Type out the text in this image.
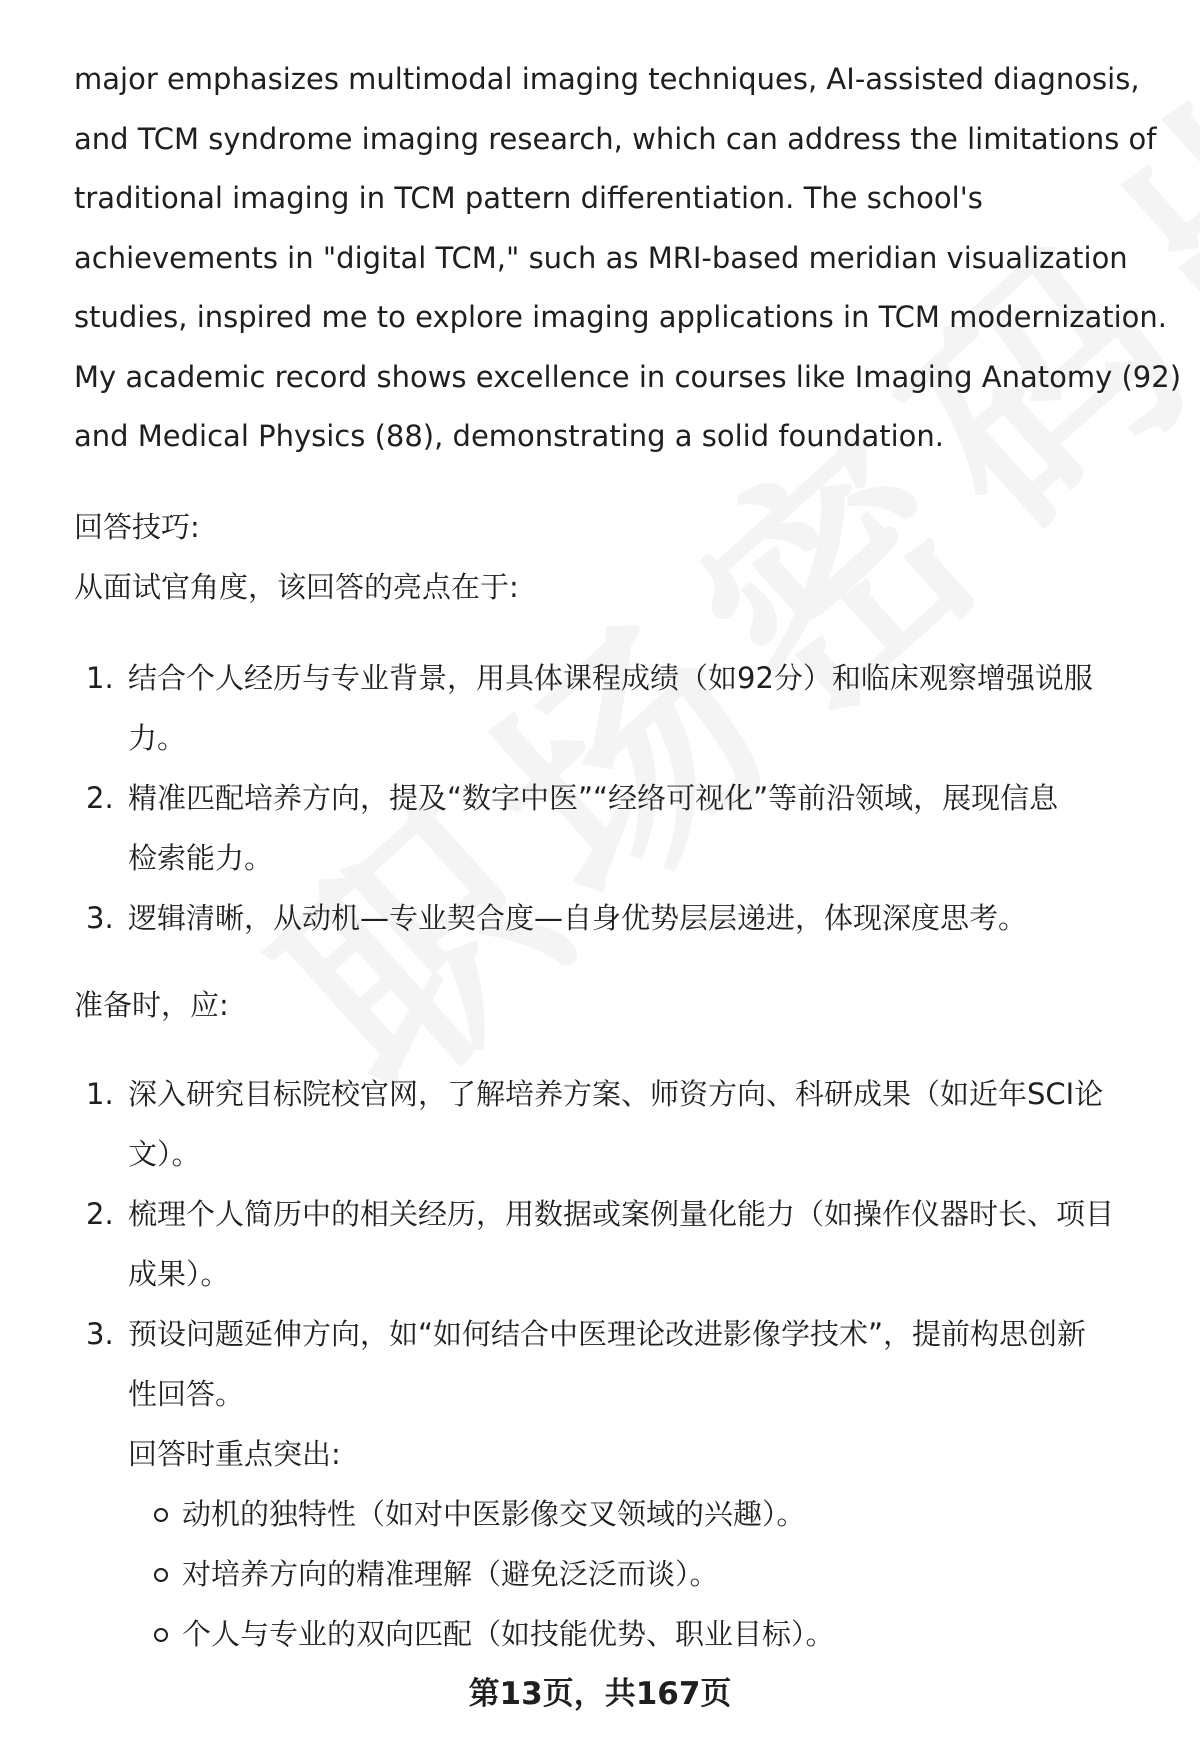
major emphasizes multimodal imaging techniques, AI-assisted diagnosis,
and TCM syndrome imaging research, which can address the limitations of
traditional imaging in TCM pattern differentiation. The school's
achievements in "digital TCM," such as MRI-based meridian visualization
studies, inspired me to explore imaging applications in TCM modernization.
My academic record shows excellence in courses like Imaging Anatomy (92)
and Medical Physics (88), demonstrating a solid foundation.
回答技巧:
从面试官角度，该回答的亮点在于:
1. 结合个人经历与专业背景，用具体课程成绩（如92分）和临床观察增强说服
力。
2. 精准匹配培养方向，提及“数字中医”“经络可视化”等前沿领域，展现信息
检索能力。
3. 逻辑清晰，从动机—专业契合度—自身优势层层递进，体现深度思考。
准备时，应:
1. 深入研究目标院校官网，了解培养方案、师资方向、科研成果（如近年SCI论
文）。
2. 梳理个人简历中的相关经历，用数据或案例量化能力（如操作仪器时长、项目
成果）。
3. 预设问题延伸方向，如“如何结合中医理论改进影像学技术”，提前构思创新
性回答。
回答时重点突出:
动机的独特性（如对中医影像交叉领域的兴趣）。
对培养方向的精准理解（避免泛泛而谈）。
个人与专业的双向匹配（如技能优势、职业目标）。
第13页，共167页
